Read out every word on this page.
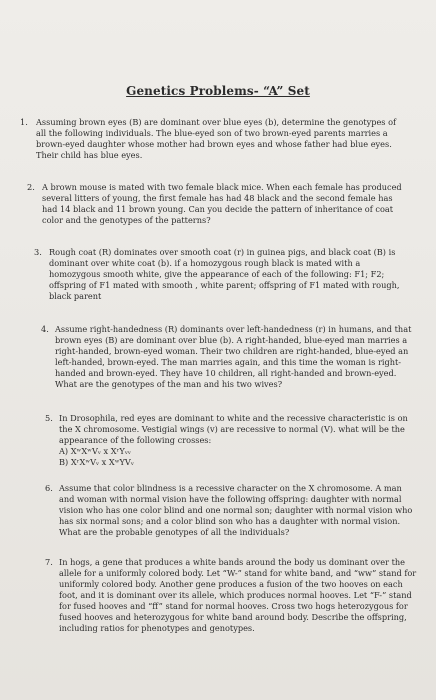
Genetics Problems- “A” Set
1. Assuming brown eyes (B) are dominant over blue eyes (b), determine the genotypes of all the following individuals. The blue-eyed son of two brown-eyed parents marries a brown-eyed daughter whose mother had brown eyes and whose father had blue eyes. Their child has blue eyes.
2. A brown mouse is mated with two female black mice. When each female has produced several litters of young, the first female has had 48 black and the second female has had 14 black and 11 brown young. Can you decide the pattern of inheritance of coat color and the genotypes of the patterns?
3. Rough coat (R) dominates over smooth coat (r) in guinea pigs, and black coat (B) is dominant over white coat (b). if a homozygous rough black is mated with a homozygous smooth white, give the appearance of each of the following: F1; F2; offspring of F1 mated with smooth , white parent; offspring of F1 mated with rough, black parent
4. Assume right-handedness (R) dominants over left-handedness (r) in humans, and that brown eyes (B) are dominant over blue (b). A right-handed, blue-eyed man marries a right-handed, brown-eyed woman. Their two children are right-handed, blue-eyed an left-handed, brown-eyed. The man marries again, and this time the woman is right-handed and brown-eyed. They have 10 children, all right-handed and brown-eyed. What are the genotypes of the man and his two wives?
5. In Drosophila, red eyes are dominant to white and the recessive characteristic is on the X chromosome. Vestigial wings (v) are recessive to normal (V). what will be the appearance of the following crosses:
A) XʷXʷVᵥ x XʳYᵥᵥ
B) XʳXʷVᵥ x XʷYVᵥ
6. Assume that color blindness is a recessive character on the X chromosome. A man and woman with normal vision have the following offspring: daughter with normal vision who has one color blind and one normal son; daughter with normal vision who has six normal sons; and a color blind son who has a daughter with normal vision. What are the probable genotypes of all the individuals?
7. In hogs, a gene that produces a white bands around the body us dominant over the allele for a uniformly colored body. Let “W-” stand for white band, and “ww” stand for uniformly colored body. Another gene produces a fusion of the two hooves on each foot, and it is dominant over its allele, which produces normal hooves. Let “F-” stand for fused hooves and “ff” stand for normal hooves. Cross two hogs heterozygous for fused hooves and heterozygous for white band around body. Describe the offspring, including ratios for phenotypes and genotypes.
